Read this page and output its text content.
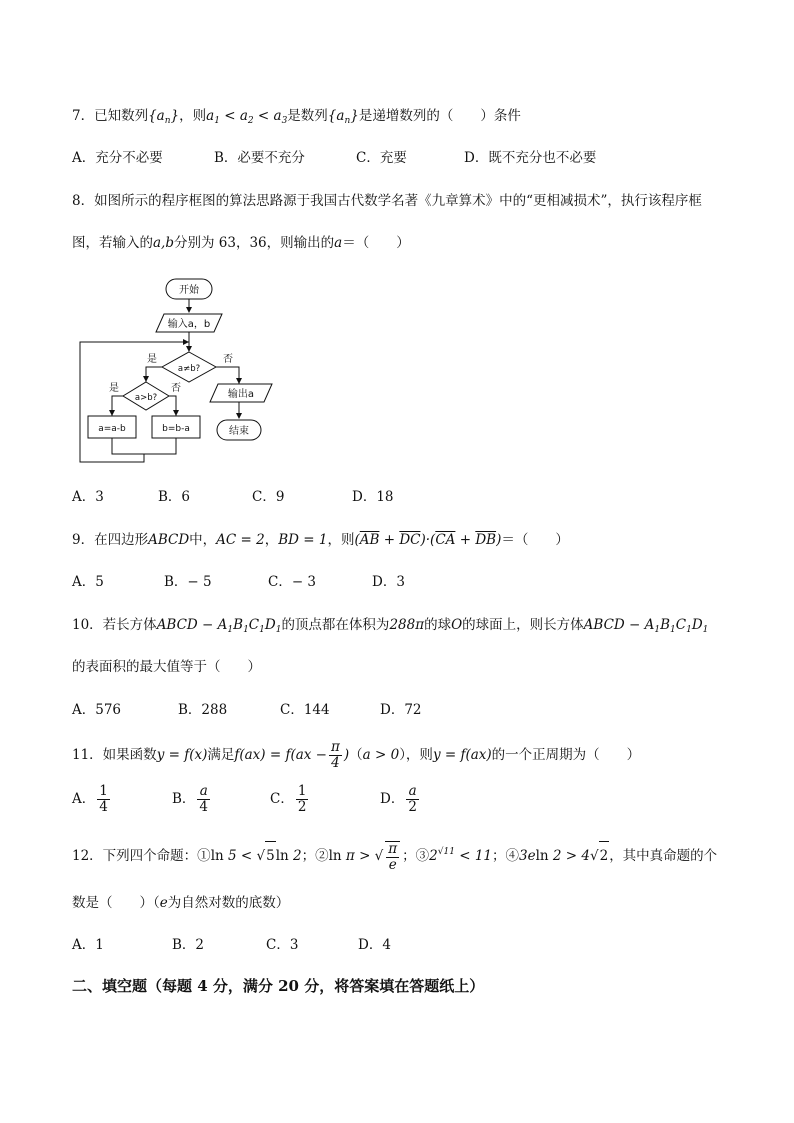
7．已知数列$\{a_n\}$，则$a_1 < a_2 < a_3$是数列$\{a_n\}$是递增数列的（　　）条件
A．充分不必要	B．必要不充分	C．充要	D．既不充分也不必要
8．如图所示的程序框图的算法思路源于我国古代数学名著《九章算术》中的“更相减损术”，执行该程序框
图，若输入的a,b分别为 63，36，则输出的a＝（　　）
开始
输入a，b
a≠b?
是	否
a>b?
是	否
a=a-b	b=b-a
输出a
结束
A．3	B．6	C．9	D．18
9．在四边形ABCD中，AC = 2，BD = 1，则$(\overline{AB} + \overline{DC})\cdot(\overline{CA} + \overline{DB})=$（　　）
A．5	B．− 5	C．− 3	D．3
10．若长方体ABCD − $A_1B_1C_1D_1$的顶点都在体积为288π的球O的球面上，则长方体ABCD − $A_1B_1C_1D_1$
的表面积的最大值等于（　　）
A．576	B．288	C．144	D．72
11．如果函数y = f(x)满足$f(ax) = f(ax - \frac{\pi}{4} )(a > 0)$，则y = f(ax)的一个正周期为（　　）
A． $\frac{1}{4}$	B． $\frac{a}{4}$	C． $\frac{1}{2}$	D． $\frac{a}{2}$
12．下列四个命题：①ln 5 < √5ln 2；②ln π > √ $\frac{\pi}{e}$ ；$③2^{√11} < 11$；④3eln 2 > 4√2，其中真命题的个
数是（　　）（e为自然对数的底数）
A．1	B．2	C．3	D．4
二、填空题（每题 4 分，满分 20 分，将答案填在答题纸上）
